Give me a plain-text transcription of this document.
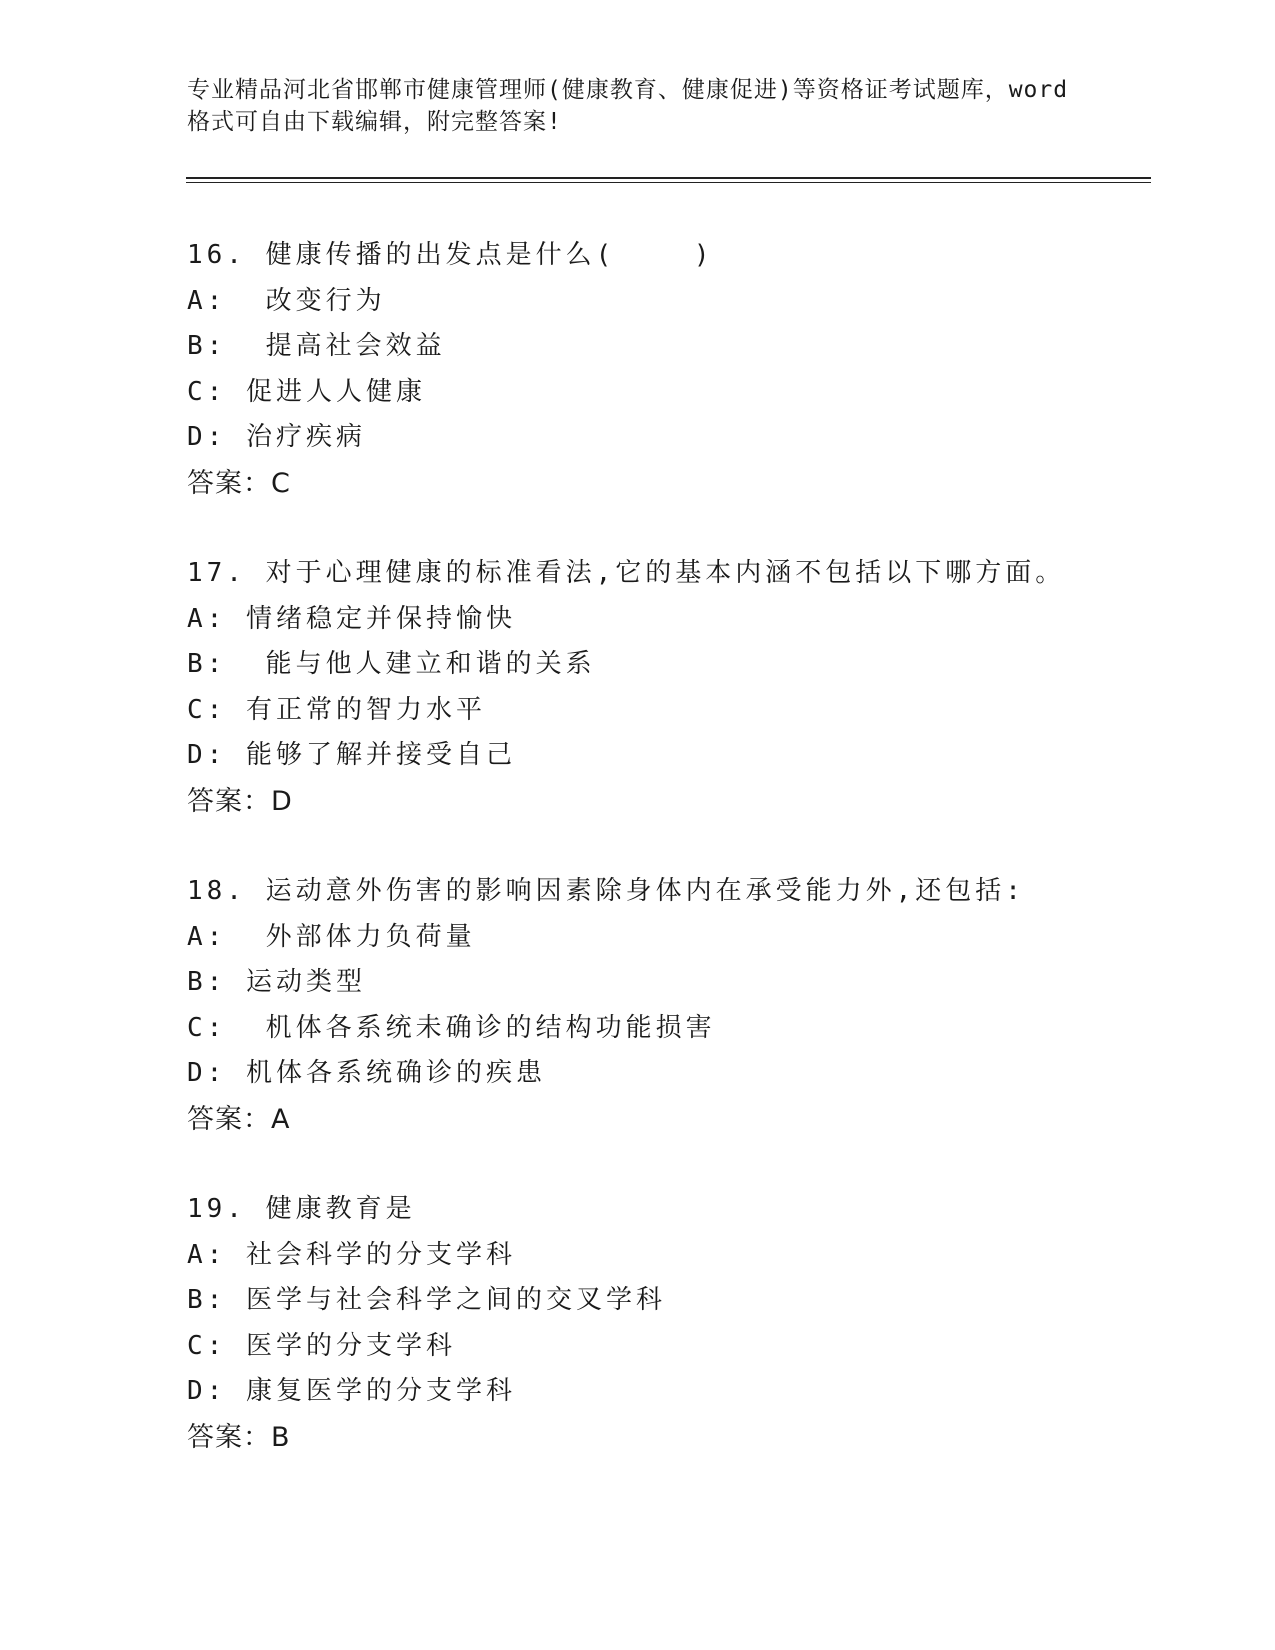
专业精品河北省邯郸市健康管理师(健康教育、健康促进)等资格证考试题库，word
格式可自由下载编辑，附完整答案!
16. 健康传播的出发点是什么(    )
A:  改变行为
B:  提高社会效益
C: 促进人人健康
D: 治疗疾病
答案：C
17. 对于心理健康的标准看法,它的基本内涵不包括以下哪方面。
A: 情绪稳定并保持愉快
B:  能与他人建立和谐的关系
C: 有正常的智力水平
D: 能够了解并接受自己
答案：D
18. 运动意外伤害的影响因素除身体内在承受能力外,还包括:
A:  外部体力负荷量
B: 运动类型
C:  机体各系统未确诊的结构功能损害
D: 机体各系统确诊的疾患
答案：A
19. 健康教育是
A: 社会科学的分支学科
B: 医学与社会科学之间的交叉学科
C: 医学的分支学科
D: 康复医学的分支学科
答案：B
